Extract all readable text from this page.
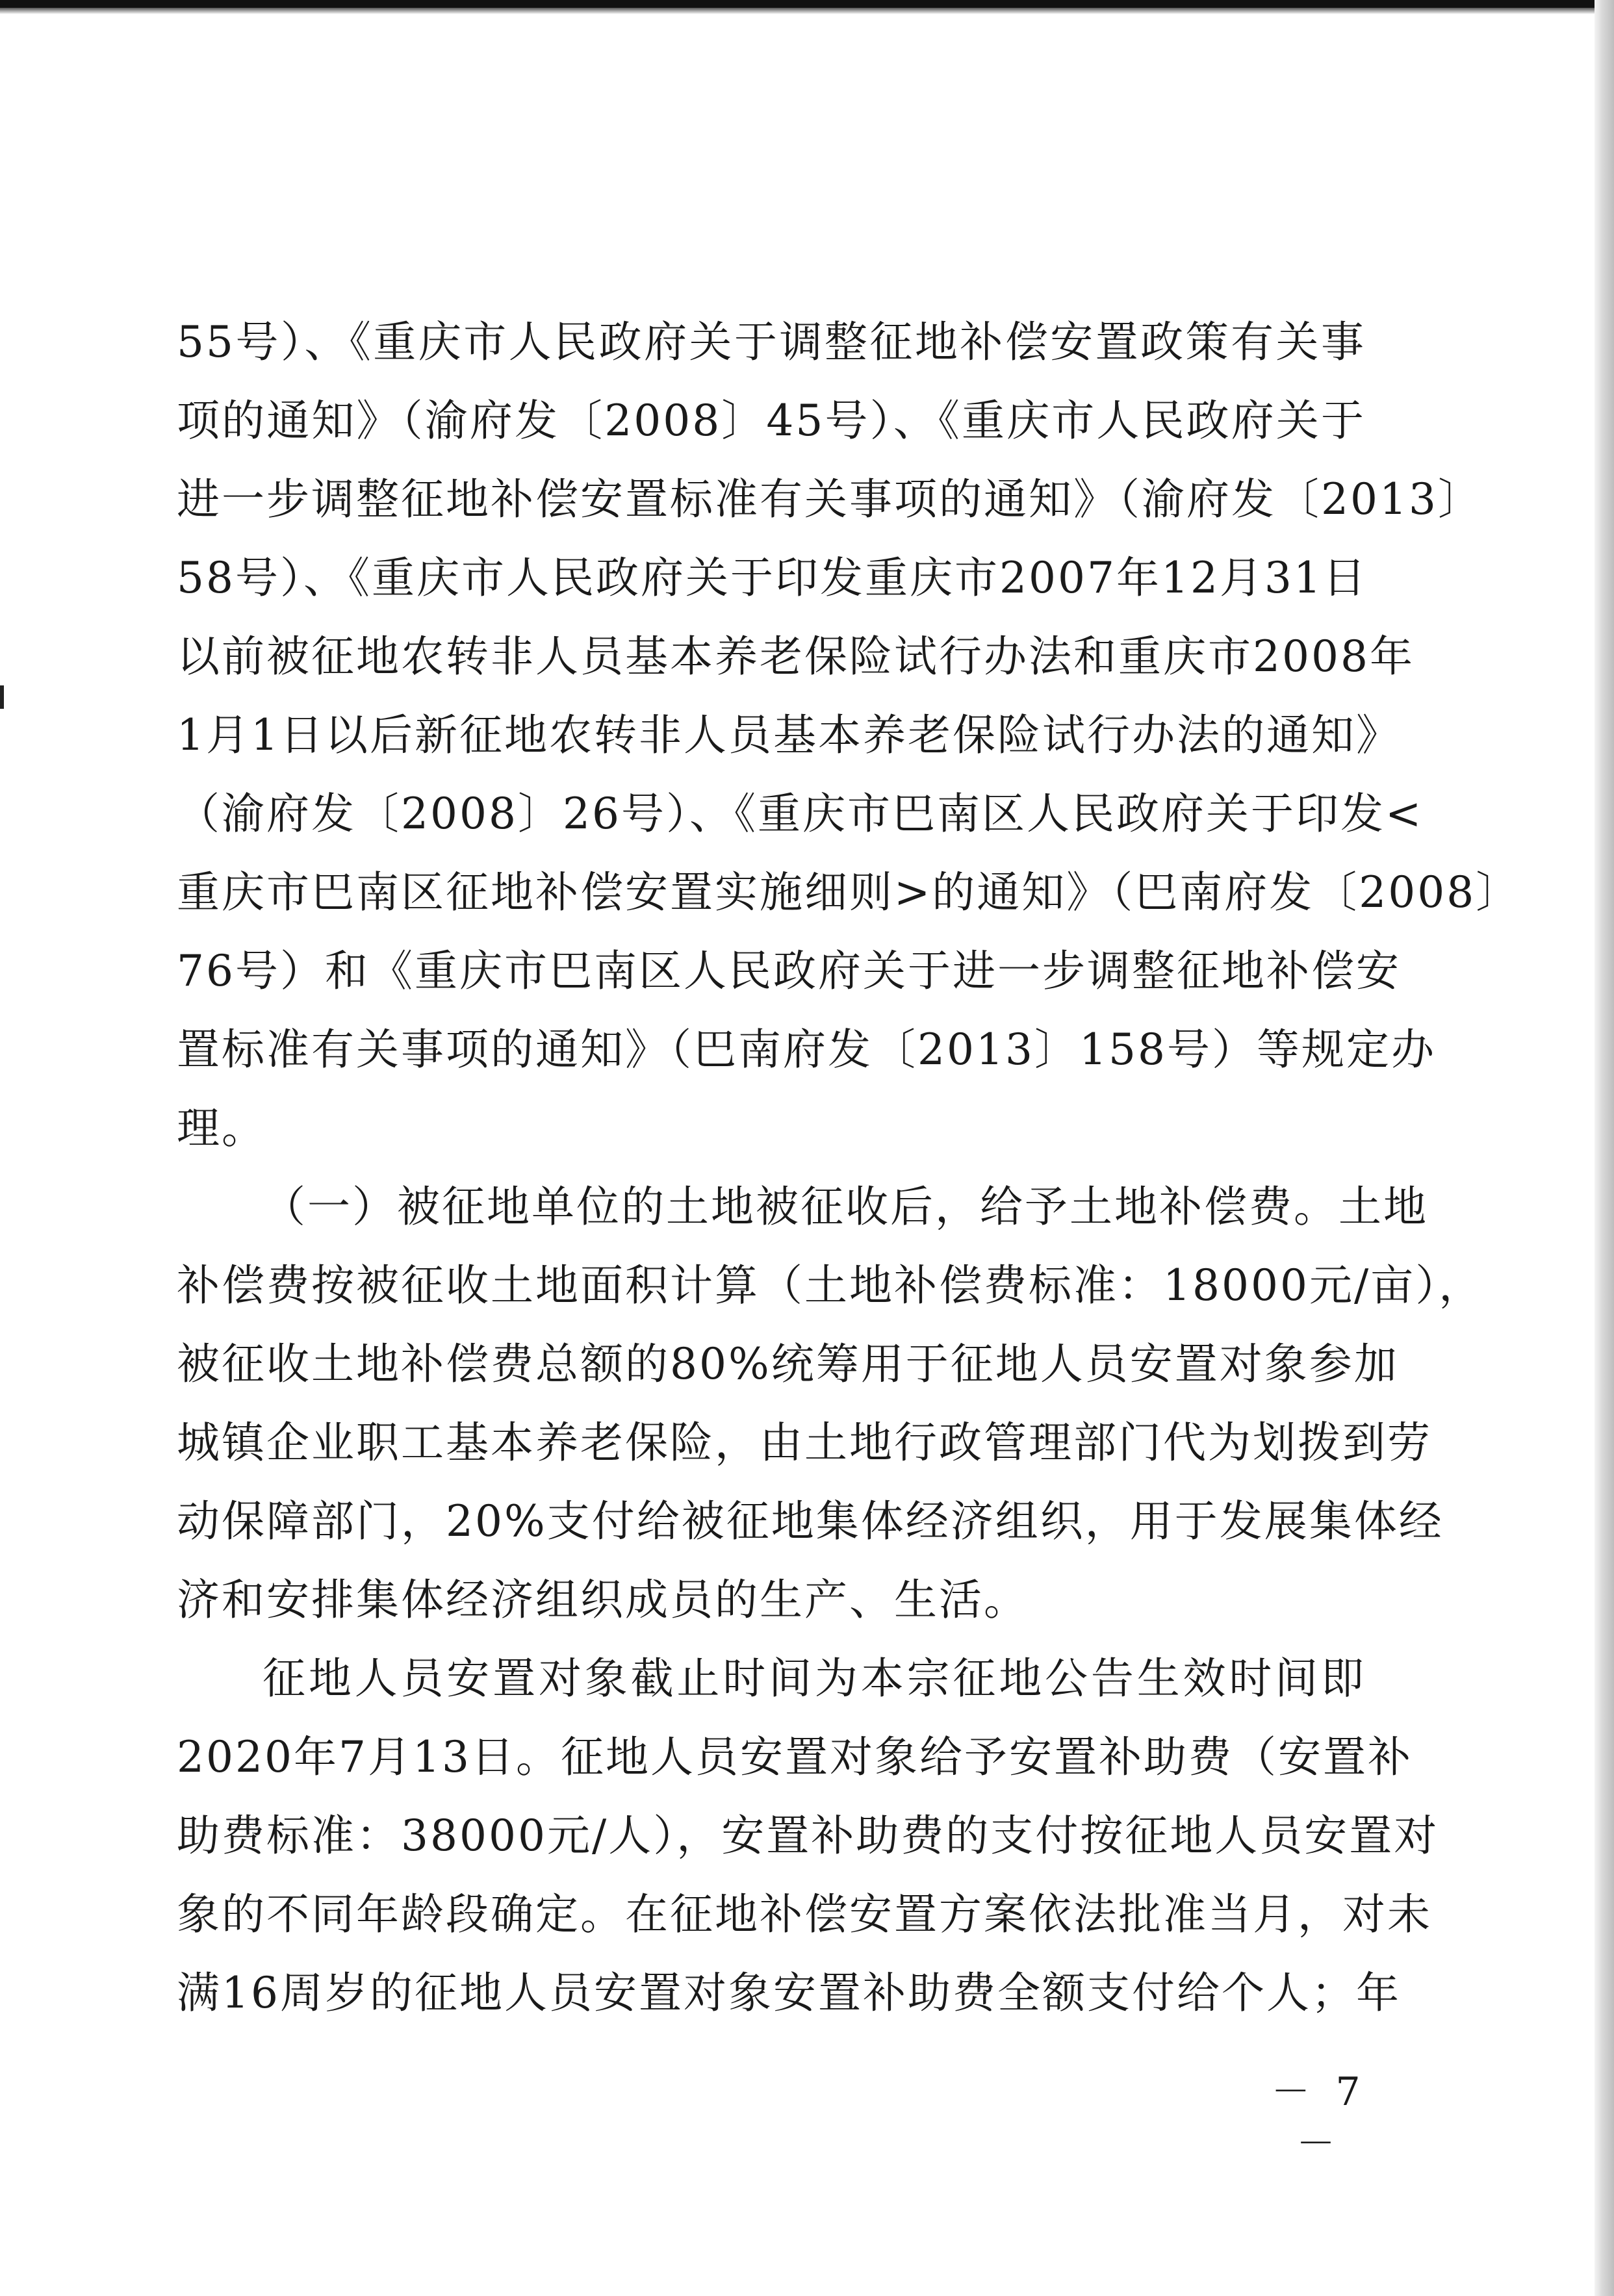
55号）、《重庆市人民政府关于调整征地补偿安置政策有关事
项的通知》（渝府发〔2008〕45号）、《重庆市人民政府关于
进一步调整征地补偿安置标准有关事项的通知》（渝府发〔2013〕
58号）、《重庆市人民政府关于印发重庆市2007年12月31日
以前被征地农转非人员基本养老保险试行办法和重庆市2008年
1月1日以后新征地农转非人员基本养老保险试行办法的通知》
（渝府发〔2008〕26号）、《重庆市巴南区人民政府关于印发<
重庆市巴南区征地补偿安置实施细则>的通知》（巴南府发〔2008〕
76号）和《重庆市巴南区人民政府关于进一步调整征地补偿安
置标准有关事项的通知》（巴南府发〔2013〕158号）等规定办
理。
（一）被征地单位的土地被征收后，给予土地补偿费。土地
补偿费按被征收土地面积计算（土地补偿费标准：18000元/亩），
被征收土地补偿费总额的80%统筹用于征地人员安置对象参加
城镇企业职工基本养老保险，由土地行政管理部门代为划拨到劳
动保障部门，20%支付给被征地集体经济组织，用于发展集体经
济和安排集体经济组织成员的生产、生活。
征地人员安置对象截止时间为本宗征地公告生效时间即
2020年7月13日。征地人员安置对象给予安置补助费（安置补
助费标准：38000元/人），安置补助费的支付按征地人员安置对
象的不同年龄段确定。在征地补偿安置方案依法批准当月，对未
满16周岁的征地人员安置对象安置补助费全额支付给个人；年
－ 7 －
